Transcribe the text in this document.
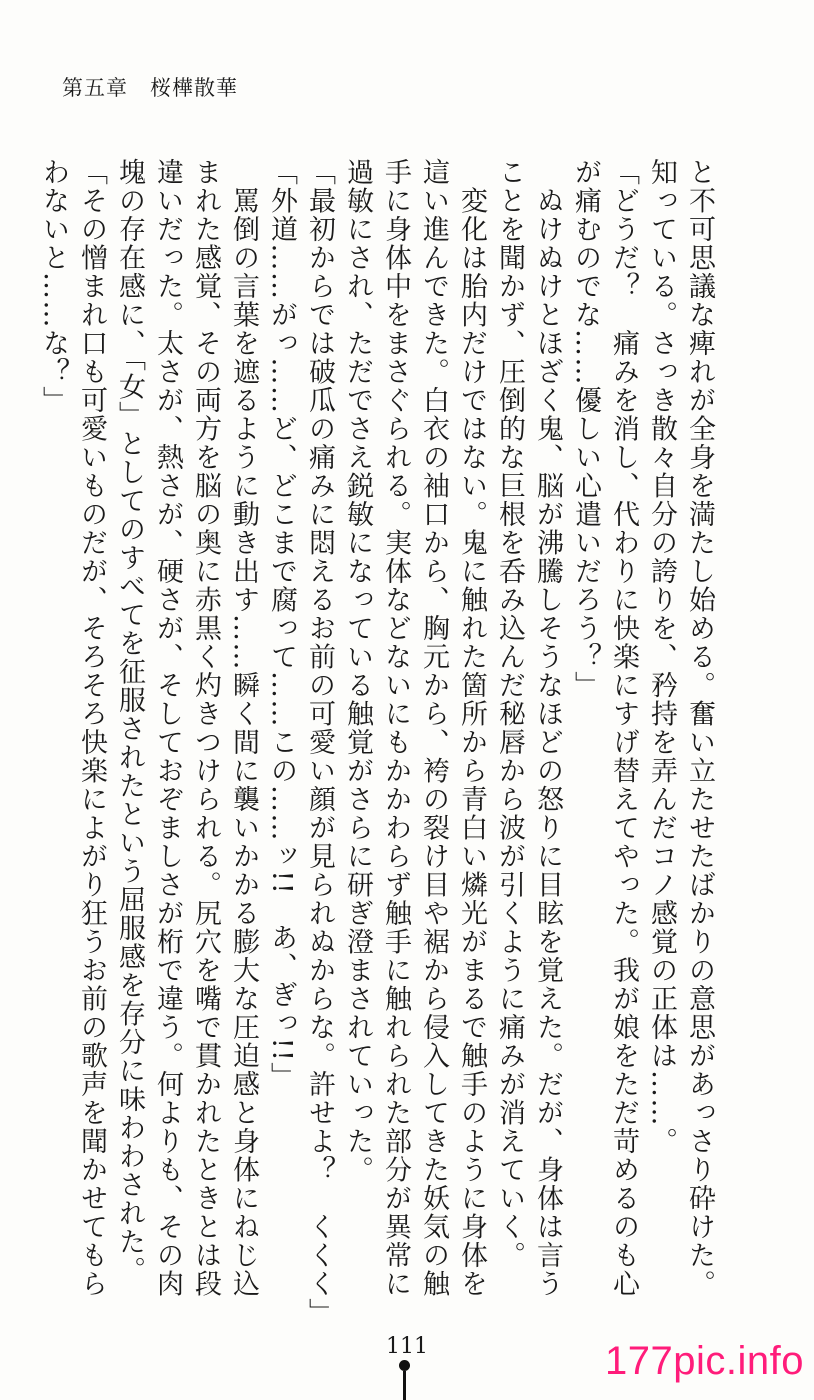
第五章　 桜樺散華
と不可思議な痺れが全身を満たし始める。奮い立たせたばかりの意思があっさり砕けた。
知っている。さっき散々自分の誇りを、矜持を弄んだコノ感覚の正体は……。
「どうだ？　痛みを消し、代わりに快楽にすげ替えてやった。我が娘をただ苛めるのも心
が痛むのでな……優しい心遣いだろう？」
　ぬけぬけとほざく鬼、脳が沸騰しそうなほどの怒りに目眩を覚えた。だが、身体は言う
ことを聞かず、圧倒的な巨根を呑み込んだ秘唇から波が引くように痛みが消えていく。
　変化は胎内だけではない。鬼に触れた箇所から青白い燐光がまるで触手のように身体を
這い進んできた。白衣の袖口から、胸元から、袴の裂け目や裾から侵入してきた妖気の触
手に身体中をまさぐられる。実体などないにもかかわらず触手に触れられた部分が異常に
過敏にされ、ただでさえ鋭敏になっている触覚がさらに研ぎ澄まされていった。
「最初からでは破瓜の痛みに悶えるお前の可愛い顔が見られぬからな。許せよ？　くくく」
「外道……がっ……ど、どこまで腐って……この……ッ!!　あ、ぎっ!!」
　罵倒の言葉を遮るように動き出す……瞬く間に襲いかかる膨大な圧迫感と身体にねじ込
まれた感覚、その両方を脳の奥に赤黒く灼きつけられる。尻穴を嘴で貫かれたときとは段
違いだった。太さが、熱さが、硬さが、そしておぞましさが桁で違う。何よりも、その肉
塊の存在感に、「女」としてのすべてを征服されたという屈服感を存分に味わわされた。
「その憎まれ口も可愛いものだが、そろそろ快楽によがり狂うお前の歌声を聞かせてもら
わないと……な？」
111	177pic.info
